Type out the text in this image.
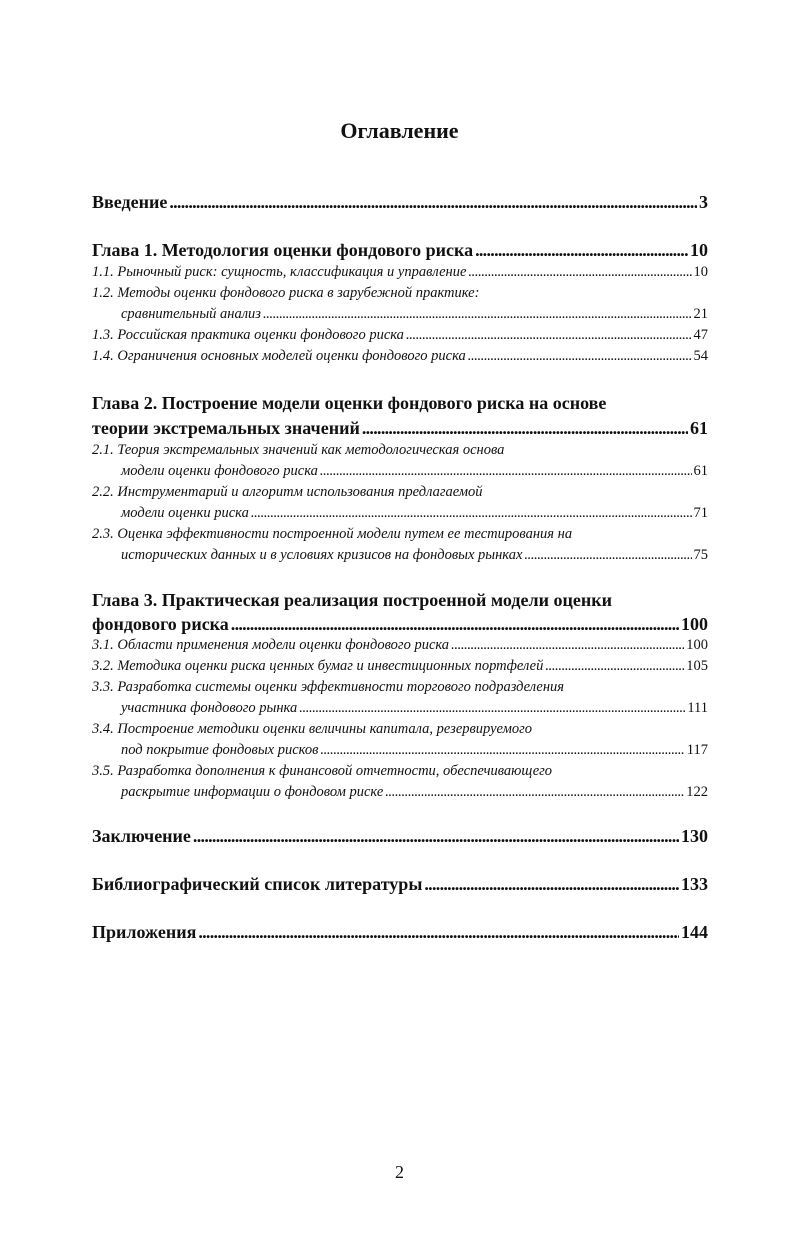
Оглавление
Введение . . .	3
Глава 1. Методология оценки фондового риска . . .	10
1.1. Рыночный риск: сущность, классификация и управление . . .	10
1.2. Методы оценки фондового риска в зарубежной практике:
сравнительный анализ . . .	21
1.3. Российская практика оценки фондового риска . . .	47
1.4. Ограничения основных моделей оценки фондового риска . . .	54
Глава 2. Построение модели оценки фондового риска на основе
теории экстремальных значений . . .	61
2.1. Теория экстремальных значений как методологическая основа
модели оценки фондового риска . . .	61
2.2. Инструментарий и алгоритм использования предлагаемой
модели оценки риска . . .	71
2.3. Оценка эффективности построенной модели путем ее тестирования на
исторических данных и в условиях кризисов на фондовых рынках . . .	75
Глава 3. Практическая реализация построенной модели оценки
фондового риска . . .	100
3.1. Области применения модели оценки фондового риска . . .	100
3.2. Методика оценки риска ценных бумаг и инвестиционных портфелей . . .	105
3.3. Разработка системы оценки эффективности торгового подразделения
участника фондового рынка . . .	111
3.4. Построение методики оценки величины капитала, резервируемого
под покрытие фондовых рисков . . .	117
3.5. Разработка дополнения к финансовой отчетности, обеспечивающего
раскрытие информации о фондовом риске . . .	122
Заключение . . .	130
Библиографический список литературы . . .	133
Приложения . . .	144
2
